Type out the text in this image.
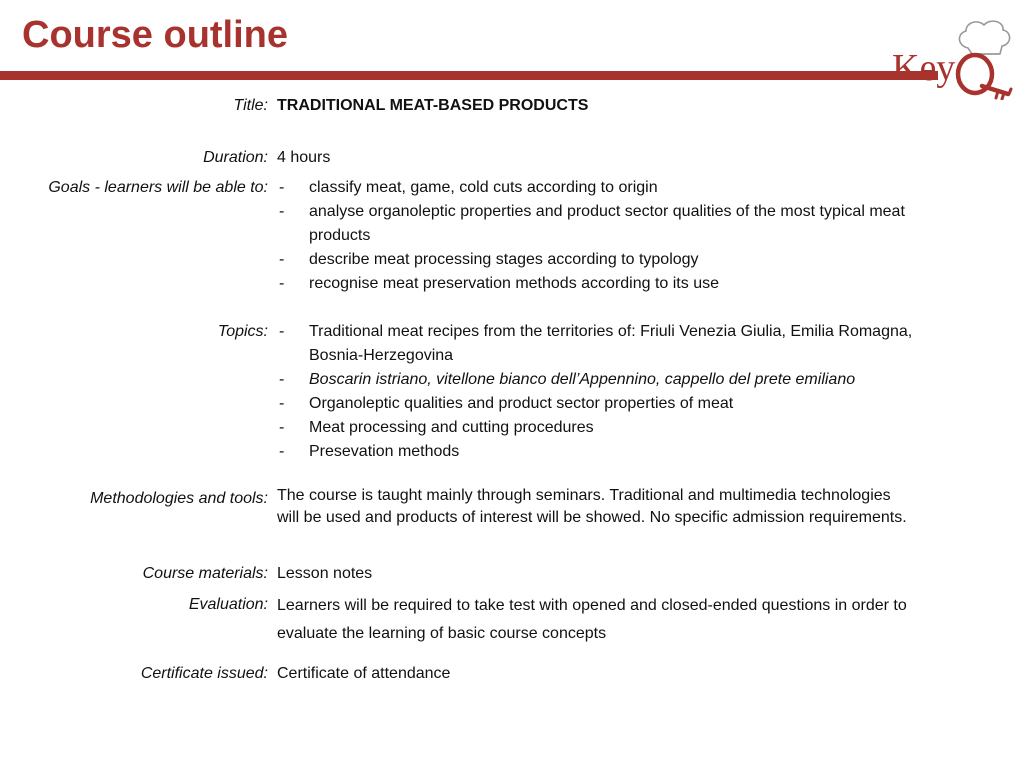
Course outline
Key
Title: TRADITIONAL MEAT-BASED PRODUCTS
Duration: 4 hours
Goals - learners will be able to: - classify meat, game, cold cuts according to origin
- analyse organoleptic properties and product sector qualities of the most typical meat products
- describe meat processing stages according to typology
- recognise meat preservation methods according to its use
Topics: - Traditional meat recipes from the territories of: Friuli Venezia Giulia, Emilia Romagna, Bosnia-Herzegovina
- Boscarin istriano, vitellone bianco dell’Appennino, cappello del prete emiliano
- Organoleptic qualities and product sector properties of meat
- Meat processing and cutting procedures
- Presevation methods
Methodologies and tools: The course is taught mainly through seminars. Traditional and multimedia technologies will be used and products of interest will be showed. No specific admission requirements.
Course materials: Lesson notes
Evaluation: Learners will be required to take test with opened and closed-ended questions in order to evaluate the learning of basic course concepts
Certificate issued: Certificate of attendance
